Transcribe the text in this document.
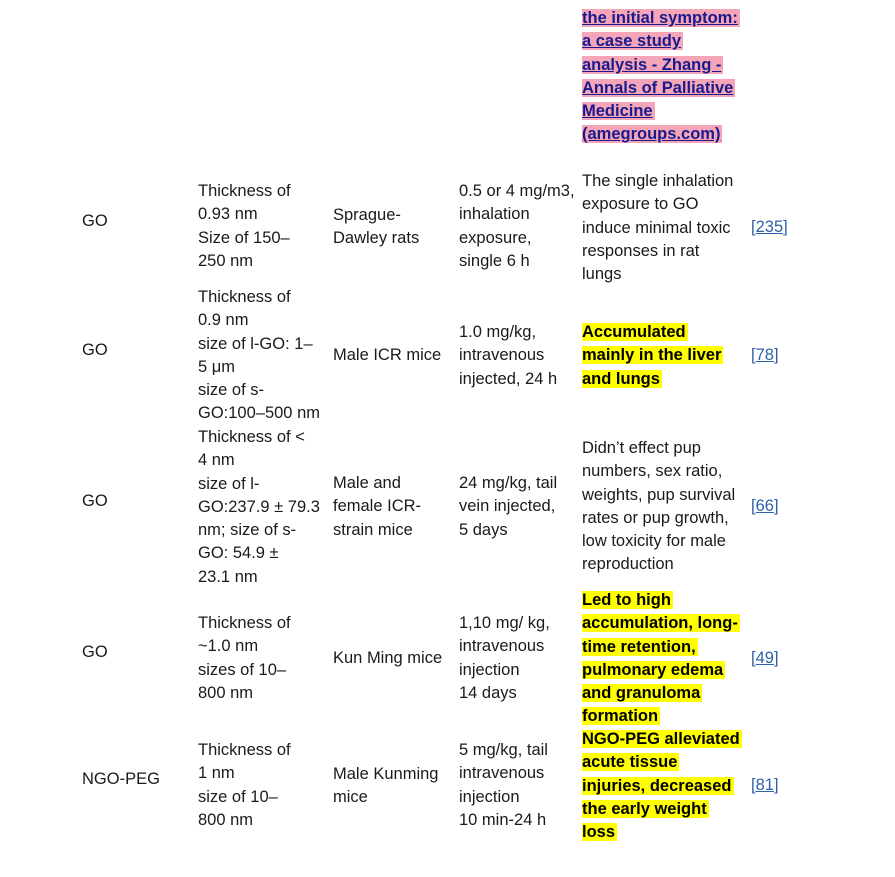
the initial symptom:
a case study
analysis - Zhang -
Annals of Palliative
Medicine
(amegroups.com)
GO
Thickness of
0.93 nm
Size of 150–
250 nm
Sprague-
Dawley rats
0.5 or 4 mg/m3,
inhalation
exposure,
single 6 h
The single inhalation
exposure to GO
induce minimal toxic
responses in rat
lungs
[235]
GO
Thickness of
0.9 nm
size of l-GO: 1–
5 μm
size of s-
GO:100–500 nm
Male ICR mice
1.0 mg/kg,
intravenous
injected, 24 h
Accumulated
mainly in the liver
and lungs
[78]
GO
Thickness of <
4 nm
size of l-
GO:237.9 ± 79.3
nm; size of s-
GO: 54.9 ±
23.1 nm
Male and
female ICR-
strain mice
24 mg/kg, tail
vein injected,
5 days
Didn’t effect pup
numbers, sex ratio,
weights, pup survival
rates or pup growth,
low toxicity for male
reproduction
[66]
GO
Thickness of
~1.0 nm
sizes of 10–
800 nm
Kun Ming mice
1,10 mg/ kg,
intravenous
injection
14 days
Led to high
accumulation, long-
time retention,
pulmonary edema
and granuloma
formation
[49]
NGO-PEG
Thickness of
1 nm
size of 10–
800 nm
Male Kunming
mice
5 mg/kg, tail
intravenous
injection
10 min-24 h
NGO-PEG alleviated
acute tissue
injuries, decreased
the early weight
loss
[81]
